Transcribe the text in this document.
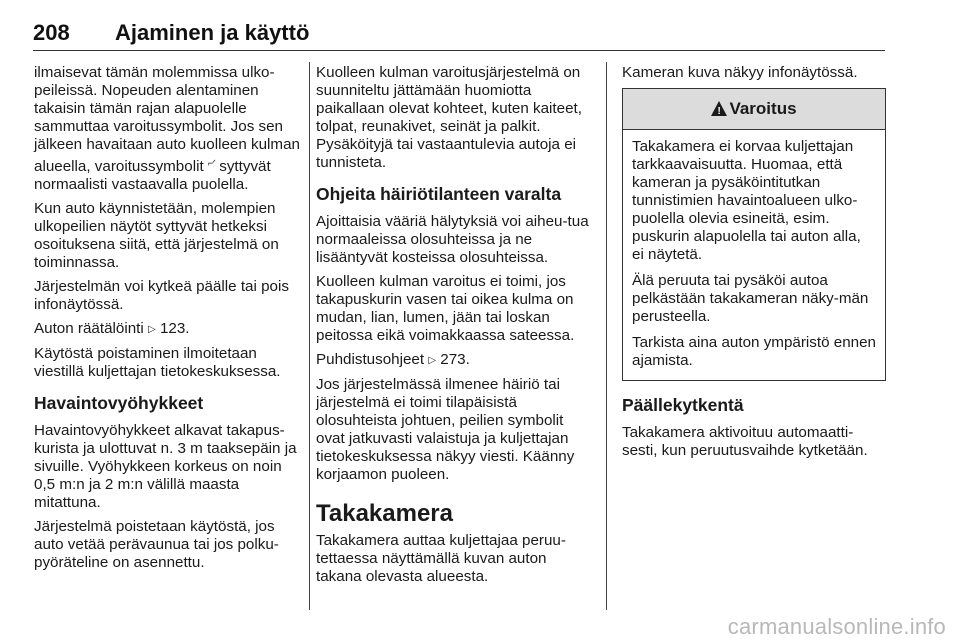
208 Ajaminen ja käyttö

ilmaisevat tämän molemmissa ulko-peileissä. Nopeuden alentaminen takaisin tämän rajan alapuolelle sammuttaa varoitussymbolit. Jos sen jälkeen havaitaan auto kuolleen kulman alueella, varoitussymbolit $^{⌐ᐟ}$ syttyvät normaalisti vastaavalla puolella.

Kun auto käynnistetään, molempien ulkopeilien näytöt syttyvät hetkeksi osoituksena siitä, että järjestelmä on toiminnassa.

Järjestelmän voi kytkeä päälle tai pois infonäytössä.

Auton räätälöinti ▷ 123.

Käytöstä poistaminen ilmoitetaan viestillä kuljettajan tietokeskuksessa.

Havaintovyöhykkeet

Havaintovyöhykkeet alkavat takapus-kurista ja ulottuvat n. 3 m taaksepäin ja sivuille. Vyöhykkeen korkeus on noin 0,5 m:n ja 2 m:n välillä maasta mitattuna.

Järjestelmä poistetaan käytöstä, jos auto vetää perävaunua tai jos polku-pyöräteline on asennettu.

Kuolleen kulman varoitusjärjestelmä on suunniteltu jättämään huomiotta paikallaan olevat kohteet, kuten kaiteet, tolpat, reunakivet, seinät ja palkit. Pysäköityjä tai vastaantulevia autoja ei tunnisteta.

Ohjeita häiriötilanteen varalta

Ajoittaisia vääriä hälytyksiä voi aiheu-tua normaaleissa olosuhteissa ja ne lisääntyvät kosteissa olosuhteissa.

Kuolleen kulman varoitus ei toimi, jos takapuskurin vasen tai oikea kulma on mudan, lian, lumen, jään tai loskan peitossa eikä voimakkaassa sateessa.

Puhdistusohjeet ▷ 273.

Jos järjestelmässä ilmenee häiriö tai järjestelmä ei toimi tilapäisistä olosuhteista johtuen, peilien symbolit ovat jatkuvasti valaistuja ja kuljettajan tietokeskuksessa näkyy viesti. Käänny korjaamon puoleen.

Takakamera

Takakamera auttaa kuljettajaa peruu-tettaessa näyttämällä kuvan auton takana olevasta alueesta.

Kameran kuva näkyy infonäytössä.

!
Varoitus

Takakamera ei korvaa kuljettajan tarkkaavaisuutta. Huomaa, että kameran ja pysäköintitutkan tunnistimien havaintoalueen ulko-puolella olevia esineitä, esim. puskurin alapuolella tai auton alla, ei näytetä.

Älä peruuta tai pysäköi autoa pelkästään takakameran näky-män perusteella.

Tarkista aina auton ympäristö ennen ajamista.

Päällekytkentä

Takakamera aktivoituu automaatti-sesti, kun peruutusvaihde kytketään.

carmanualsonline.info
